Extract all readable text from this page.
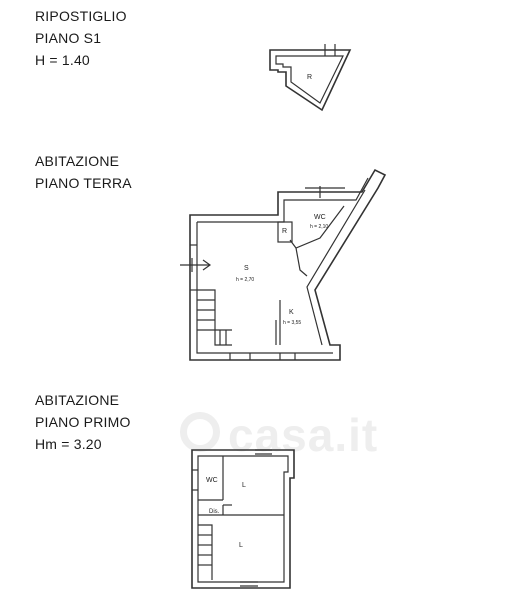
RIPOSTIGLIO
PIANO S1
H = 1.40
ABITAZIONE
PIANO TERRA
ABITAZIONE
PIANO PRIMO
Hm = 3.20	casa.it
R
WC
h = 2,10
R
S
h = 2,70
K
h = 3,55
WC
L
Dis.
L
